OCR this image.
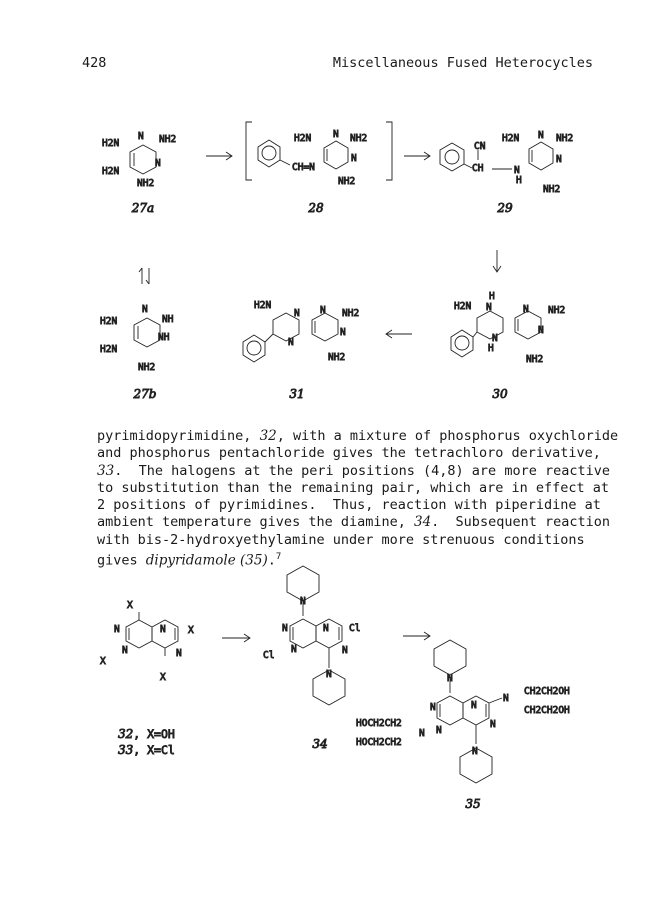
428	Miscellaneous Fused Heterocycles
H2N
N NH2
N
H2N
NH2
27a
H2N N NH2
N
CH=N
NH2
28
CN
CH
H2N N NH2
N
N
H
NH2
29
H2N
N
NH
NH
H2N
NH2
27b
H2N
N N NH2
N
N
NH2
31
H
H2N N	N NH2
N
N
H
NH2
30
X
N	N X
X
N	N
X
32, X=OH
33, X=Cl
N
N	N Cl
Cl
N	N
N
34
N
N	N
N
CH2CH2OH
CH2CH2OH
HOCH2CH2
HOCH2CH2
N N
N
N
35
pyrimidopyrimidine, 32, with a mixture of phosphorus oxychloride
and phosphorus pentachloride gives the tetrachloro derivative,
33.  The halogens at the peri positions (4,8) are more reactive
to substitution than the remaining pair, which are in effect at
2 positions of pyrimidines.  Thus, reaction with piperidine at
ambient temperature gives the diamine, 34.  Subsequent reaction
with bis-2-hydroxyethylamine under more strenuous conditions
gives dipyridamole (35).$^7$
